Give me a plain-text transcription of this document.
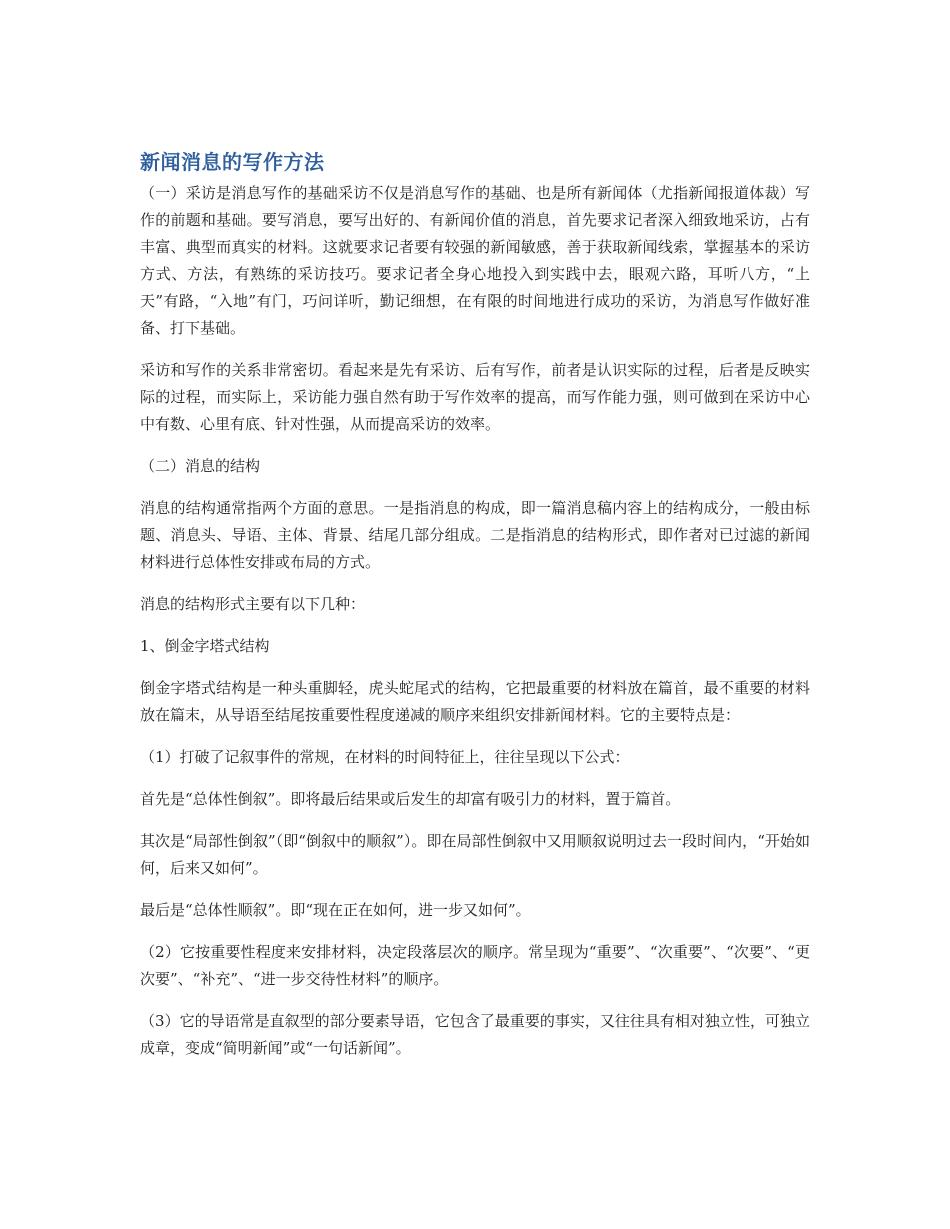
新闻消息的写作方法

（一）采访是消息写作的基础采访不仅是消息写作的基础、也是所有新闻体（尤指新闻报道体裁）写作的前题和基础。要写消息，要写出好的、有新闻价值的消息，首先要求记者深入细致地采访，占有丰富、典型而真实的材料。这就要求记者要有较强的新闻敏感，善于获取新闻线索，掌握基本的采访方式、方法，有熟练的采访技巧。要求记者全身心地投入到实践中去，眼观六路，耳听八方，“上天”有路，“入地”有门，巧问详听，勤记细想，在有限的时间地进行成功的采访，为消息写作做好准备、打下基础。

采访和写作的关系非常密切。看起来是先有采访、后有写作，前者是认识实际的过程，后者是反映实际的过程，而实际上，采访能力强自然有助于写作效率的提高，而写作能力强，则可做到在采访中心中有数、心里有底、针对性强，从而提高采访的效率。

（二）消息的结构

消息的结构通常指两个方面的意思。一是指消息的构成，即一篇消息稿内容上的结构成分，一般由标题、消息头、导语、主体、背景、结尾几部分组成。二是指消息的结构形式，即作者对已过滤的新闻材料进行总体性安排或布局的方式。

消息的结构形式主要有以下几种：

1、倒金字塔式结构

倒金字塔式结构是一种头重脚轻，虎头蛇尾式的结构，它把最重要的材料放在篇首，最不重要的材料放在篇末，从导语至结尾按重要性程度递减的顺序来组织安排新闻材料。它的主要特点是：

（1）打破了记叙事件的常规，在材料的时间特征上，往往呈现以下公式：

首先是“总体性倒叙”。即将最后结果或后发生的却富有吸引力的材料，置于篇首。

其次是“局部性倒叙”（即“倒叙中的顺叙”）。即在局部性倒叙中又用顺叙说明过去一段时间内，“开始如何，后来又如何”。

最后是“总体性顺叙”。即“现在正在如何，进一步又如何”。

（2）它按重要性程度来安排材料，决定段落层次的顺序。常呈现为“重要”、“次重要”、“次要”、“更次要”、“补充”、“进一步交待性材料”的顺序。

（3）它的导语常是直叙型的部分要素导语，它包含了最重要的事实，又往往具有相对独立性，可独立成章，变成“简明新闻”或“一句话新闻”。
